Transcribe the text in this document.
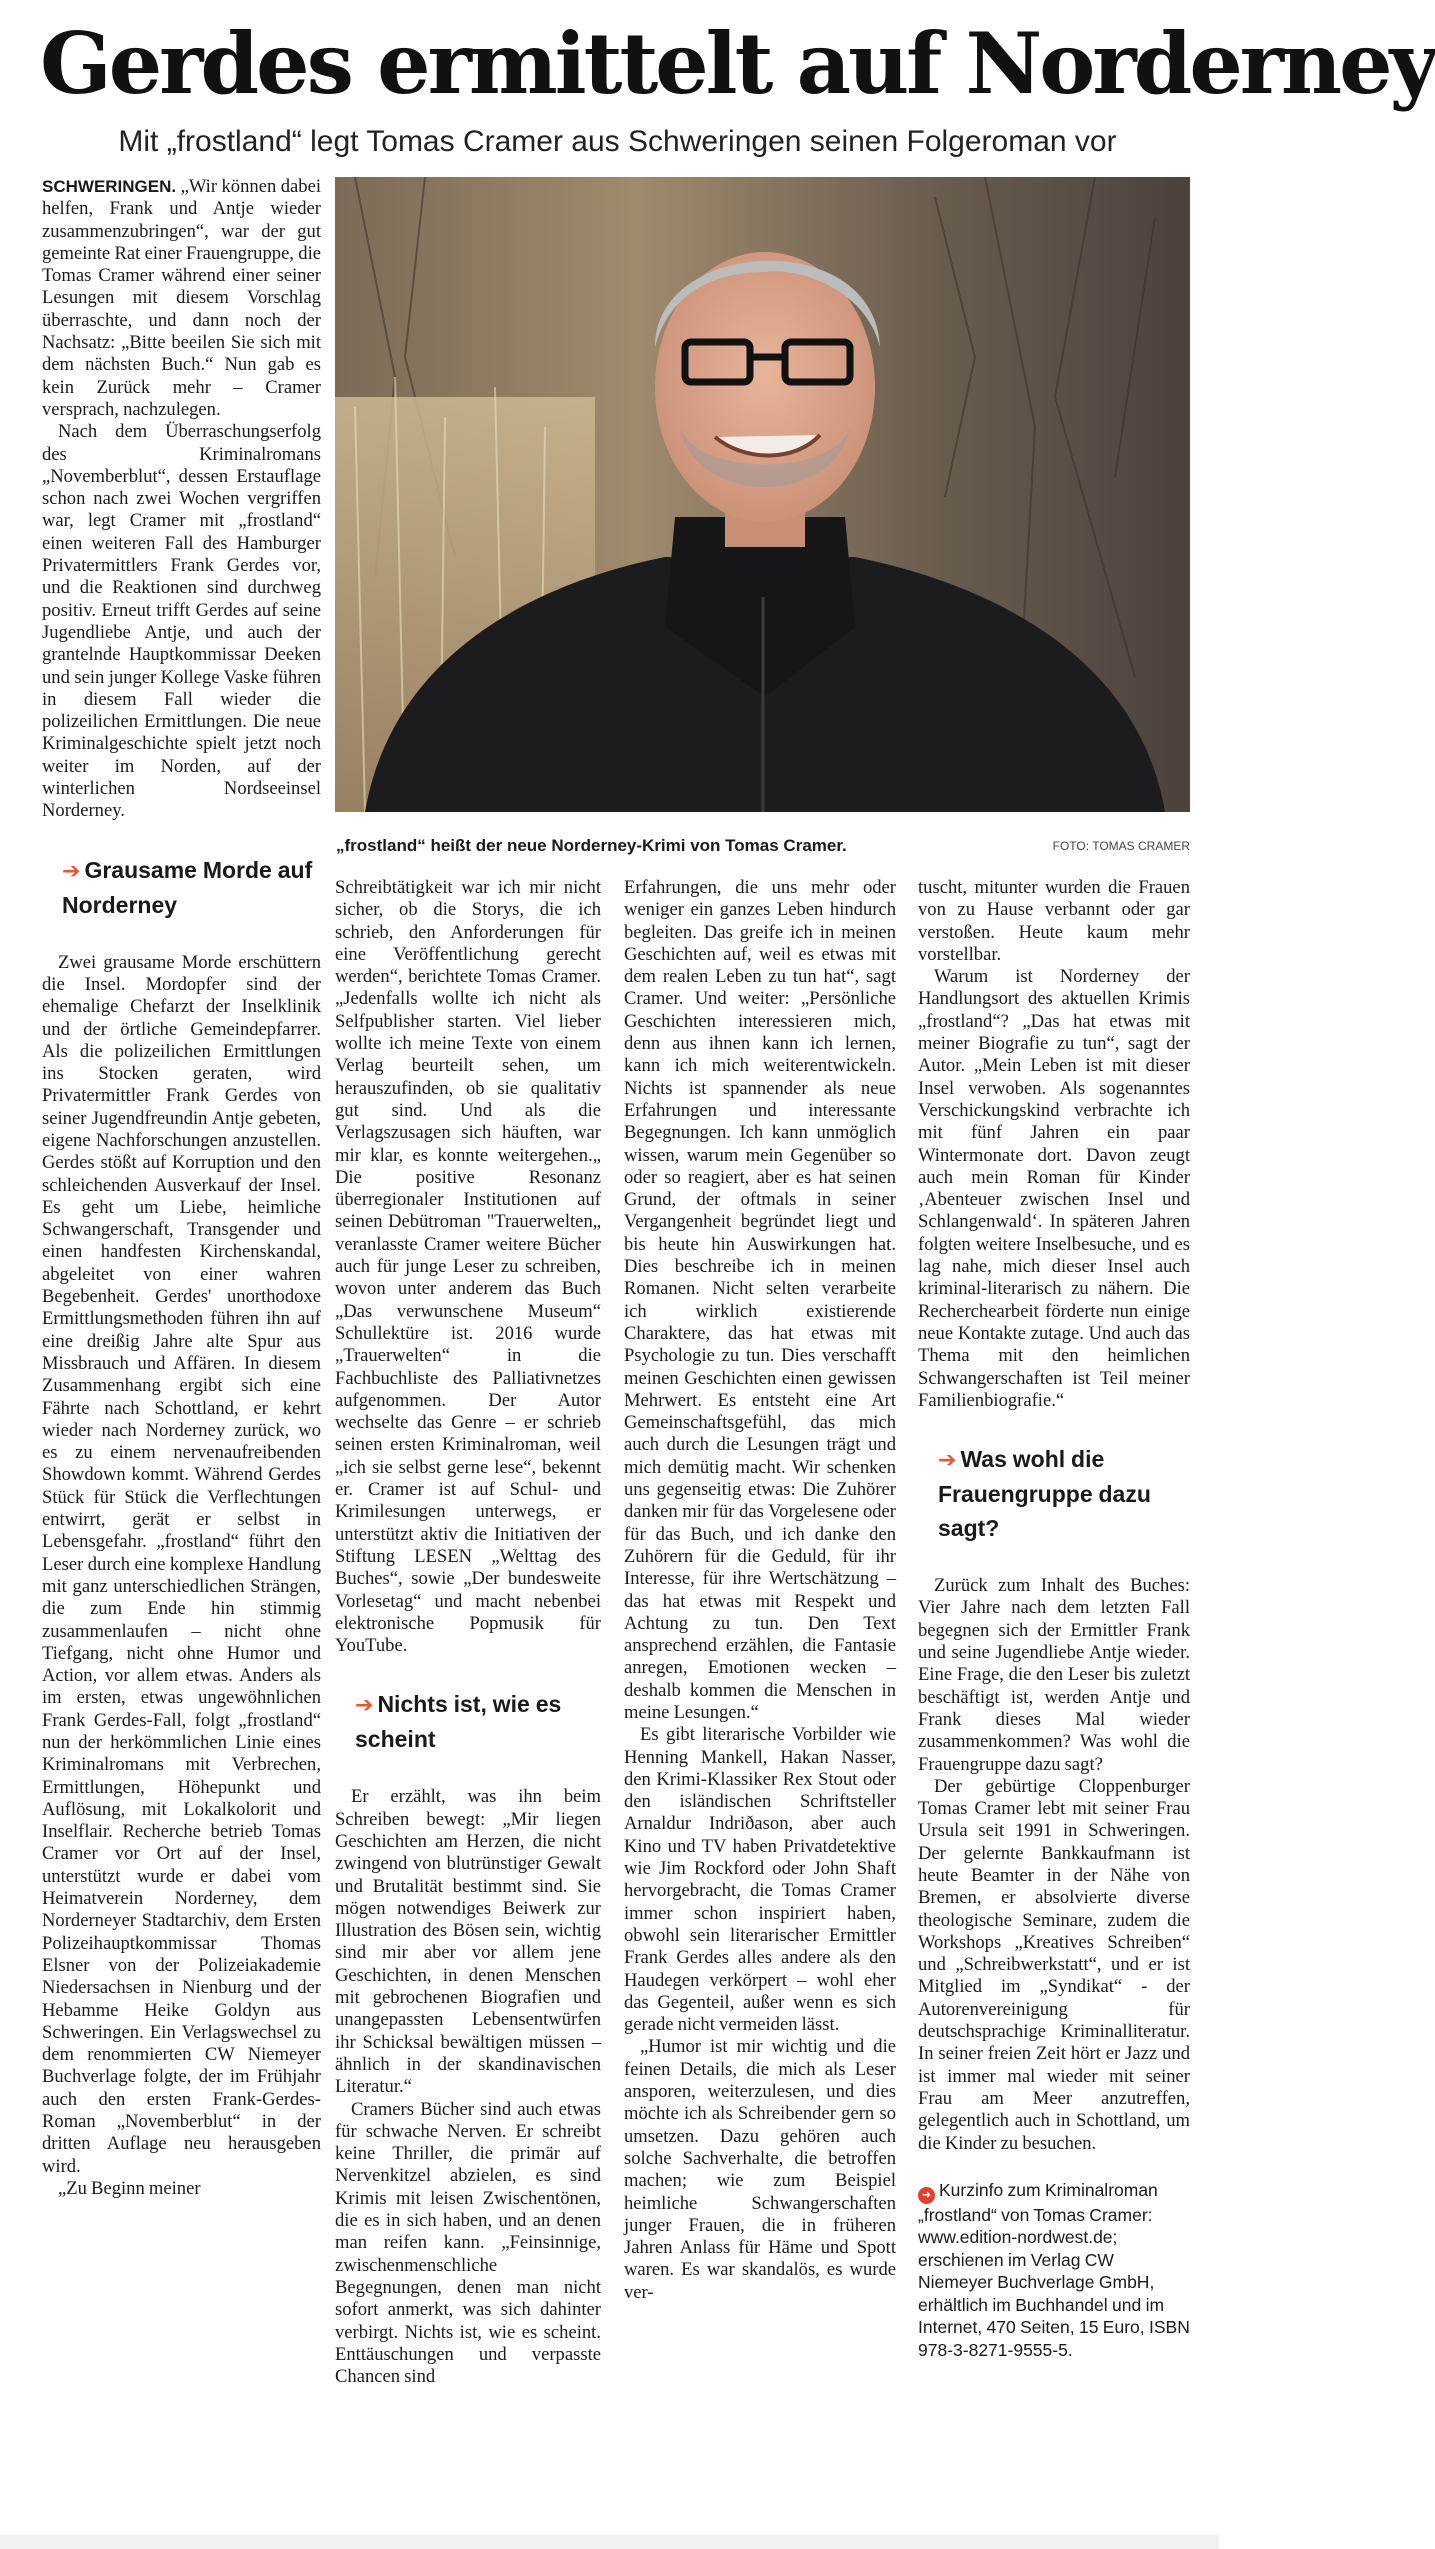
Gerdes ermittelt auf Norderney
Mit „frostland“ legt Tomas Cramer aus Schweringen seinen Folgeroman vor

SCHWERINGEN. „Wir können dabei helfen, Frank und Antje wieder zusammenzubringen“, war der gut gemeinte Rat einer Frauengruppe, die Tomas Cramer während einer seiner Lesungen mit diesem Vorschlag überraschte, und dann noch der Nachsatz: „Bitte beeilen Sie sich mit dem nächsten Buch.“ Nun gab es kein Zurück mehr – Cramer versprach, nachzulegen.

Nach dem Überraschungserfolg des Kriminalromans „Novemberblut“, dessen Erstauflage schon nach zwei Wochen vergriffen war, legt Cramer mit „frostland“ einen weiteren Fall des Hamburger Privatermittlers Frank Gerdes vor, und die Reaktionen sind durchweg positiv. Erneut trifft Gerdes auf seine Jugendliebe Antje, und auch der grantelnde Hauptkommissar Deeken und sein junger Kollege Vaske führen in diesem Fall wieder die polizeilichen Ermittlungen. Die neue Kriminalgeschichte spielt jetzt noch weiter im Norden, auf der winterlichen Nordseeinsel Norderney.

➔ Grausame Morde auf Norderney

Zwei grausame Morde erschüttern die Insel. Mordopfer sind der ehemalige Chefarzt der Inselklinik und der örtliche Gemeindepfarrer. Als die polizeilichen Ermittlungen ins Stocken geraten, wird Privatermittler Frank Gerdes von seiner Jugendfreundin Antje gebeten, eigene Nachforschungen anzustellen. Gerdes stößt auf Korruption und den schleichenden Ausverkauf der Insel. Es geht um Liebe, heimliche Schwangerschaft, Transgender und einen handfesten Kirchenskandal, abgeleitet von einer wahren Begebenheit. Gerdes' unorthodoxe Ermittlungsmethoden führen ihn auf eine dreißig Jahre alte Spur aus Missbrauch und Affären. In diesem Zusammenhang ergibt sich eine Fährte nach Schottland, er kehrt wieder nach Norderney zurück, wo es zu einem nervenaufreibenden Showdown kommt. Während Gerdes Stück für Stück die Verflechtungen entwirrt, gerät er selbst in Lebensgefahr. „frostland“ führt den Leser durch eine komplexe Handlung mit ganz unterschiedlichen Strängen, die zum Ende hin stimmig zusammenlaufen – nicht ohne Tiefgang, nicht ohne Humor und Action, vor allem etwas. Anders als im ersten, etwas ungewöhnlichen Frank Gerdes-Fall, folgt „frostland“ nun der herkömmlichen Linie eines Kriminalromans mit Verbrechen, Ermittlungen, Höhepunkt und Auflösung, mit Lokalkolorit und Inselflair. Recherche betrieb Tomas Cramer vor Ort auf der Insel, unterstützt wurde er dabei vom Heimatverein Norderney, dem Norderneyer Stadtarchiv, dem Ersten Polizeihauptkommissar Thomas Elsner von der Polizeiakademie Niedersachsen in Nienburg und der Hebamme Heike Goldyn aus Schweringen. Ein Verlagswechsel zu dem renommierten CW Niemeyer Buchverlage folgte, der im Frühjahr auch den ersten Frank-Gerdes-Roman „Novemberblut“ in der dritten Auflage neu herausgeben wird.

„Zu Beginn meiner

„frostland“ heißt der neue Norderney-Krimi von Tomas Cramer.	FOTO: TOMAS CRAMER

Schreibtätigkeit war ich mir nicht sicher, ob die Storys, die ich schrieb, den Anforderungen für eine Veröffentlichung gerecht werden“, berichtete Tomas Cramer. „Jedenfalls wollte ich nicht als Selfpublisher starten. Viel lieber wollte ich meine Texte von einem Verlag beurteilt sehen, um herauszufinden, ob sie qualitativ gut sind. Und als die Verlagszusagen sich häuften, war mir klar, es konnte weitergehen.„ Die positive Resonanz überregionaler Institutionen auf seinen Debütroman "Trauerwelten„ veranlasste Cramer weitere Bücher auch für junge Leser zu schreiben, wovon unter anderem das Buch „Das verwunschene Museum“ Schullektüre ist. 2016 wurde „Trauerwelten“ in die Fachbuchliste des Palliativnetzes aufgenommen. Der Autor wechselte das Genre – er schrieb seinen ersten Kriminalroman, weil „ich sie selbst gerne lese“, bekennt er. Cramer ist auf Schul- und Krimilesungen unterwegs, er unterstützt aktiv die Initiativen der Stiftung LESEN „Welttag des Buches“, sowie „Der bundesweite Vorlesetag“ und macht nebenbei elektronische Popmusik für YouTube.

➔ Nichts ist, wie es scheint

Er erzählt, was ihn beim Schreiben bewegt: „Mir liegen Geschichten am Herzen, die nicht zwingend von blutrünstiger Gewalt und Brutalität bestimmt sind. Sie mögen notwendiges Beiwerk zur Illustration des Bösen sein, wichtig sind mir aber vor allem jene Geschichten, in denen Menschen mit gebrochenen Biografien und unangepassten Lebensentwürfen ihr Schicksal bewältigen müssen – ähnlich in der skandinavischen Literatur.“

Cramers Bücher sind auch etwas für schwache Nerven. Er schreibt keine Thriller, die primär auf Nervenkitzel abzielen, es sind Krimis mit leisen Zwischentönen, die es in sich haben, und an denen man reifen kann. „Feinsinnige, zwischenmenschliche Begegnungen, denen man nicht sofort anmerkt, was sich dahinter verbirgt. Nichts ist, wie es scheint. Enttäuschungen und verpasste Chancen sind

Erfahrungen, die uns mehr oder weniger ein ganzes Leben hindurch begleiten. Das greife ich in meinen Geschichten auf, weil es etwas mit dem realen Leben zu tun hat“, sagt Cramer. Und weiter: „Persönliche Geschichten interessieren mich, denn aus ihnen kann ich lernen, kann ich mich weiterentwickeln. Nichts ist spannender als neue Erfahrungen und interessante Begegnungen. Ich kann unmöglich wissen, warum mein Gegenüber so oder so reagiert, aber es hat seinen Grund, der oftmals in seiner Vergangenheit begründet liegt und bis heute hin Auswirkungen hat. Dies beschreibe ich in meinen Romanen. Nicht selten verarbeite ich wirklich existierende Charaktere, das hat etwas mit Psychologie zu tun. Dies verschafft meinen Geschichten einen gewissen Mehrwert. Es entsteht eine Art Gemeinschaftsgefühl, das mich auch durch die Lesungen trägt und mich demütig macht. Wir schenken uns gegenseitig etwas: Die Zuhörer danken mir für das Vorgelesene oder für das Buch, und ich danke den Zuhörern für die Geduld, für ihr Interesse, für ihre Wertschätzung – das hat etwas mit Respekt und Achtung zu tun. Den Text ansprechend erzählen, die Fantasie anregen, Emotionen wecken – deshalb kommen die Menschen in meine Lesungen.“

Es gibt literarische Vorbilder wie Henning Mankell, Hakan Nasser, den Krimi-Klassiker Rex Stout oder den isländischen Schriftsteller Arnaldur Indriðason, aber auch Kino und TV haben Privatdetektive wie Jim Rockford oder John Shaft hervorgebracht, die Tomas Cramer immer schon inspiriert haben, obwohl sein literarischer Ermittler Frank Gerdes alles andere als den Haudegen verkörpert – wohl eher das Gegenteil, außer wenn es sich gerade nicht vermeiden lässt.

„Humor ist mir wichtig und die feinen Details, die mich als Leser ansporen, weiterzulesen, und dies möchte ich als Schreibender gern so umsetzen. Dazu gehören auch solche Sachverhalte, die betroffen machen; wie zum Beispiel heimliche Schwangerschaften junger Frauen, die in früheren Jahren Anlass für Häme und Spott waren. Es war skandalös, es wurde ver-

tuscht, mitunter wurden die Frauen von zu Hause verbannt oder gar verstoßen. Heute kaum mehr vorstellbar.

Warum ist Norderney der Handlungsort des aktuellen Krimis „frostland“? „Das hat etwas mit meiner Biografie zu tun“, sagt der Autor. „Mein Leben ist mit dieser Insel verwoben. Als sogenanntes Verschickungskind verbrachte ich mit fünf Jahren ein paar Wintermonate dort. Davon zeugt auch mein Roman für Kinder ‚Abenteuer zwischen Insel und Schlangenwald‘. In späteren Jahren folgten weitere Inselbesuche, und es lag nahe, mich dieser Insel auch kriminal-literarisch zu nähern. Die Recherchearbeit förderte nun einige neue Kontakte zutage. Und auch das Thema mit den heimlichen Schwangerschaften ist Teil meiner Familienbiografie.“

➔ Was wohl die Frauengruppe dazu sagt?

Zurück zum Inhalt des Buches: Vier Jahre nach dem letzten Fall begegnen sich der Ermittler Frank und seine Jugendliebe Antje wieder. Eine Frage, die den Leser bis zuletzt beschäftigt ist, werden Antje und Frank dieses Mal wieder zusammenkommen? Was wohl die Frauengruppe dazu sagt?

Der gebürtige Cloppenburger Tomas Cramer lebt mit seiner Frau Ursula seit 1991 in Schweringen. Der gelernte Bankkaufmann ist heute Beamter in der Nähe von Bremen, er absolvierte diverse theologische Seminare, zudem die Workshops „Kreatives Schreiben“ und „Schreibwerkstatt“, und er ist Mitglied im „Syndikat“ - der Autorenvereinigung für deutschsprachige Kriminalliteratur. In seiner freien Zeit hört er Jazz und ist immer mal wieder mit seiner Frau am Meer anzutreffen, gelegentlich auch in Schottland, um die Kinder zu besuchen.

➜ Kurzinfo zum Kriminalroman „frostland“ von Tomas Cramer: www.edition-nordwest.de; erschienen im Verlag CW Niemeyer Buchverlage GmbH, erhältlich im Buchhandel und im Internet, 470 Seiten, 15 Euro, ISBN 978-3-8271-9555-5.
